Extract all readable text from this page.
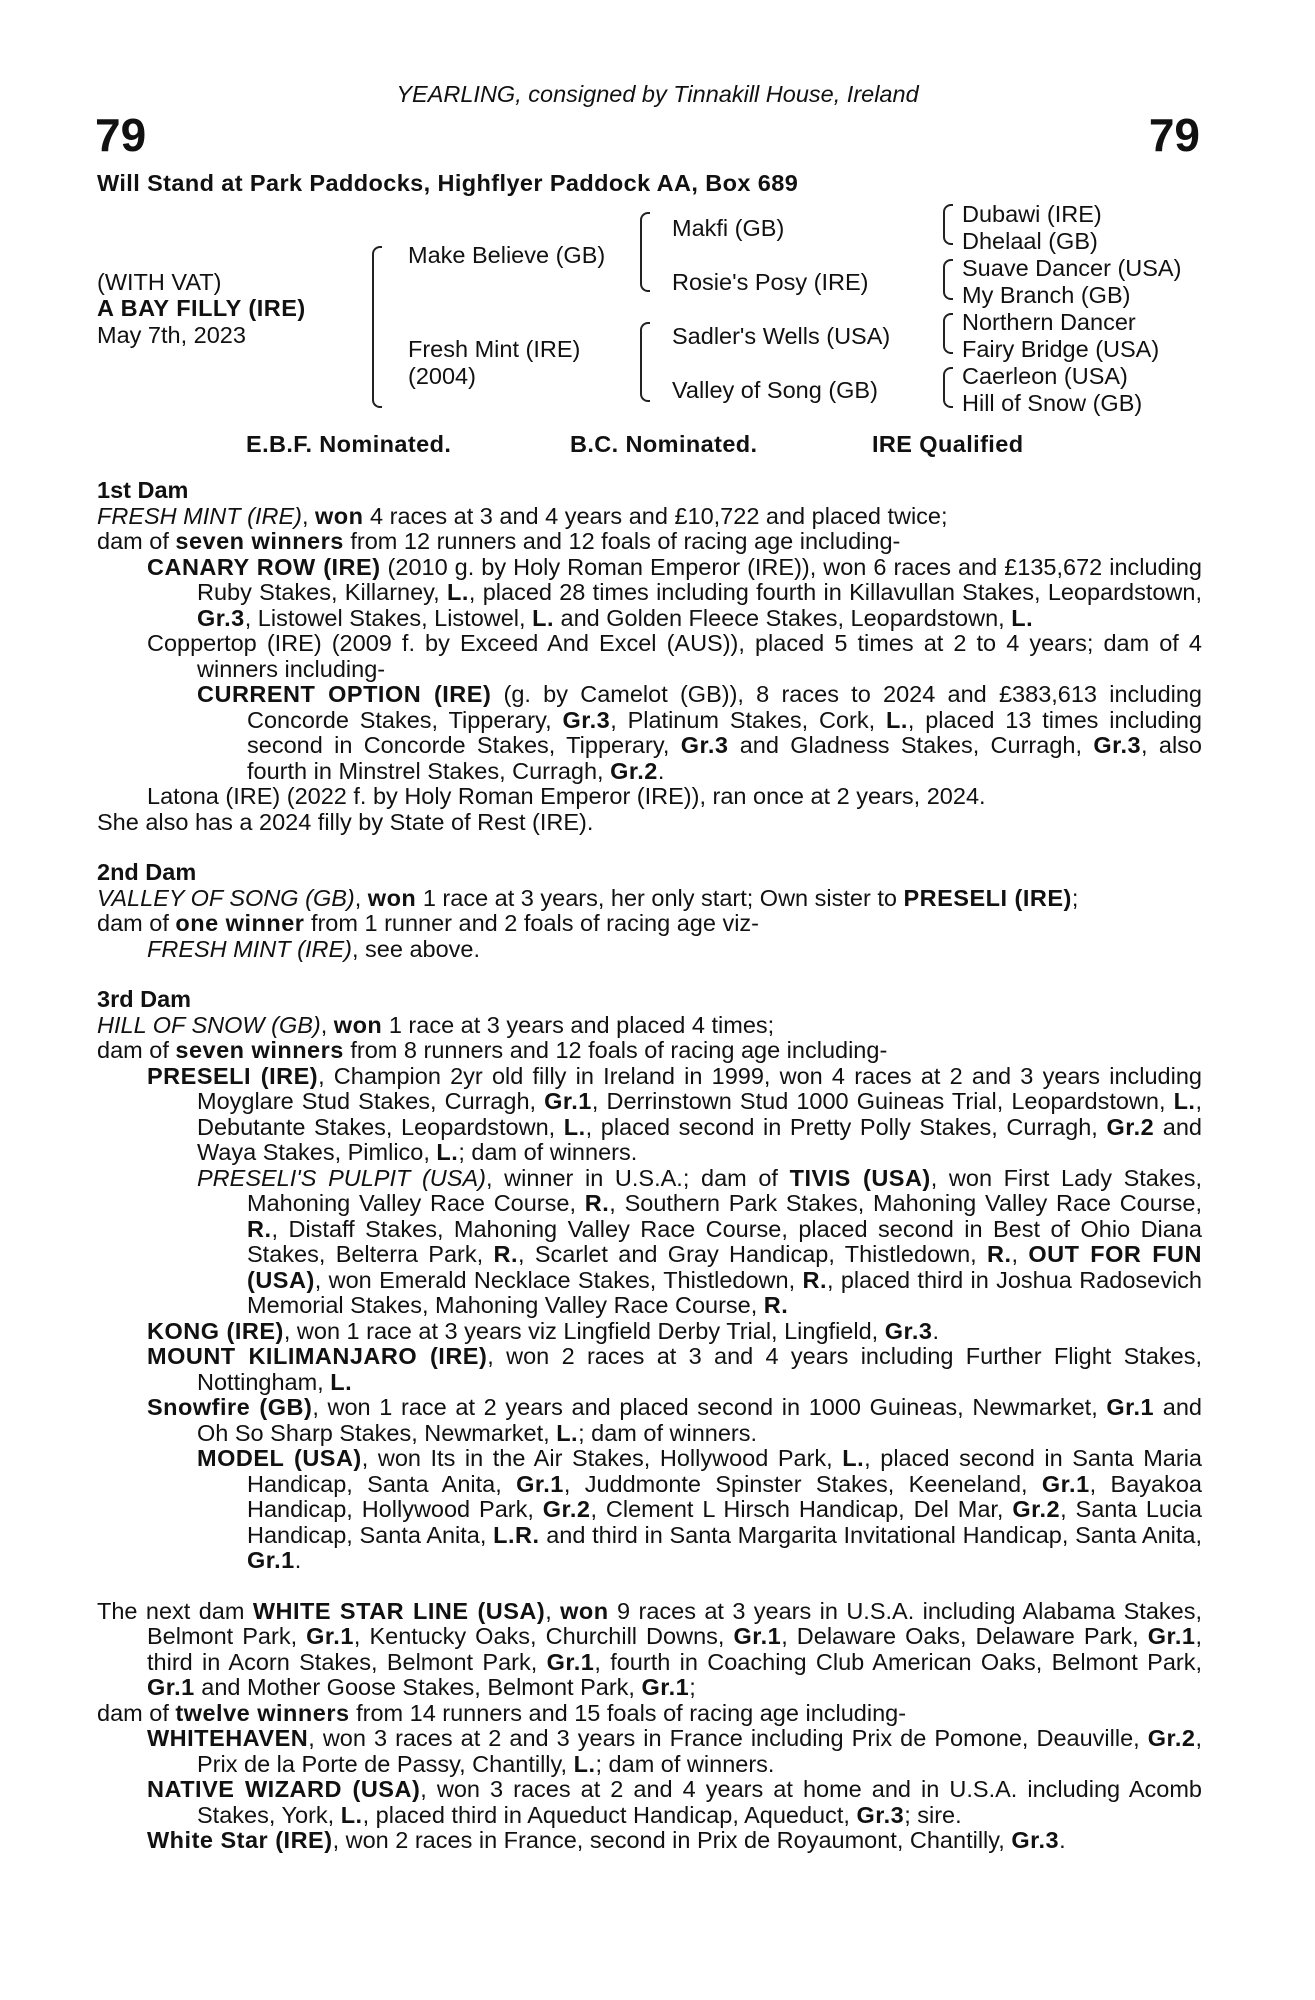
79	79
YEARLING, consigned by Tinnakill House, Ireland
Will Stand at Park Paddocks, Highflyer Paddock AA, Box 689
(WITH VAT)
A BAY FILLY (IRE)
May 7th, 2023
Make Believe (GB)
Fresh Mint (IRE)
(2004)
Makfi (GB)
Rosie's Posy (IRE)
Sadler's Wells (USA)
Valley of Song (GB)
Dubawi (IRE)
Dhelaal (GB)
Suave Dancer (USA)
My Branch (GB)
Northern Dancer
Fairy Bridge (USA)
Caerleon (USA)
Hill of Snow (GB)
E.B.F. Nominated.	B.C. Nominated.	IRE Qualified

1st Dam

FRESH MINT (IRE), won 4 races at 3 and 4 years and £10,722 and placed twice;

dam of seven winners from 12 runners and 12 foals of racing age including-

CANARY ROW (IRE) (2010 g. by Holy Roman Emperor (IRE)), won 6 races and £135,672 including Ruby Stakes, Killarney, L., placed 28 times including fourth in Killavullan Stakes, Leopardstown, Gr.3, Listowel Stakes, Listowel, L. and Golden Fleece Stakes, Leopardstown, L.

Coppertop (IRE) (2009 f. by Exceed And Excel (AUS)), placed 5 times at 2 to 4 years; dam of 4 winners including-

CURRENT OPTION (IRE) (g. by Camelot (GB)), 8 races to 2024 and £383,613 including Concorde Stakes, Tipperary, Gr.3, Platinum Stakes, Cork, L., placed 13 times including second in Concorde Stakes, Tipperary, Gr.3 and Gladness Stakes, Curragh, Gr.3, also fourth in Minstrel Stakes, Curragh, Gr.2.

Latona (IRE) (2022 f. by Holy Roman Emperor (IRE)), ran once at 2 years, 2024.

She also has a 2024 filly by State of Rest (IRE).

2nd Dam

VALLEY OF SONG (GB), won 1 race at 3 years, her only start; Own sister to PRESELI (IRE);

dam of one winner from 1 runner and 2 foals of racing age viz-

FRESH MINT (IRE), see above.

3rd Dam

HILL OF SNOW (GB), won 1 race at 3 years and placed 4 times;

dam of seven winners from 8 runners and 12 foals of racing age including-

PRESELI (IRE), Champion 2yr old filly in Ireland in 1999, won 4 races at 2 and 3 years including Moyglare Stud Stakes, Curragh, Gr.1, Derrinstown Stud 1000 Guineas Trial, Leopardstown, L., Debutante Stakes, Leopardstown, L., placed second in Pretty Polly Stakes, Curragh, Gr.2 and Waya Stakes, Pimlico, L.; dam of winners.

PRESELI'S PULPIT (USA), winner in U.S.A.; dam of TIVIS (USA), won First Lady Stakes, Mahoning Valley Race Course, R., Southern Park Stakes, Mahoning Valley Race Course, R., Distaff Stakes, Mahoning Valley Race Course, placed second in Best of Ohio Diana Stakes, Belterra Park, R., Scarlet and Gray Handicap, Thistledown, R., OUT FOR FUN (USA), won Emerald Necklace Stakes, Thistledown, R., placed third in Joshua Radosevich Memorial Stakes, Mahoning Valley Race Course, R.

KONG (IRE), won 1 race at 3 years viz Lingfield Derby Trial, Lingfield, Gr.3.

MOUNT KILIMANJARO (IRE), won 2 races at 3 and 4 years including Further Flight Stakes, Nottingham, L.

Snowfire (GB), won 1 race at 2 years and placed second in 1000 Guineas, Newmarket, Gr.1 and Oh So Sharp Stakes, Newmarket, L.; dam of winners.

MODEL (USA), won Its in the Air Stakes, Hollywood Park, L., placed second in Santa Maria Handicap, Santa Anita, Gr.1, Juddmonte Spinster Stakes, Keeneland, Gr.1, Bayakoa Handicap, Hollywood Park, Gr.2, Clement L Hirsch Handicap, Del Mar, Gr.2, Santa Lucia Handicap, Santa Anita, L.R. and third in Santa Margarita Invitational Handicap, Santa Anita, Gr.1.

The next dam WHITE STAR LINE (USA), won 9 races at 3 years in U.S.A. including Alabama Stakes, Belmont Park, Gr.1, Kentucky Oaks, Churchill Downs, Gr.1, Delaware Oaks, Delaware Park, Gr.1, third in Acorn Stakes, Belmont Park, Gr.1, fourth in Coaching Club American Oaks, Belmont Park, Gr.1 and Mother Goose Stakes, Belmont Park, Gr.1;

dam of twelve winners from 14 runners and 15 foals of racing age including-

WHITEHAVEN, won 3 races at 2 and 3 years in France including Prix de Pomone, Deauville, Gr.2, Prix de la Porte de Passy, Chantilly, L.; dam of winners.

NATIVE WIZARD (USA), won 3 races at 2 and 4 years at home and in U.S.A. including Acomb Stakes, York, L., placed third in Aqueduct Handicap, Aqueduct, Gr.3; sire.

White Star (IRE), won 2 races in France, second in Prix de Royaumont, Chantilly, Gr.3.
